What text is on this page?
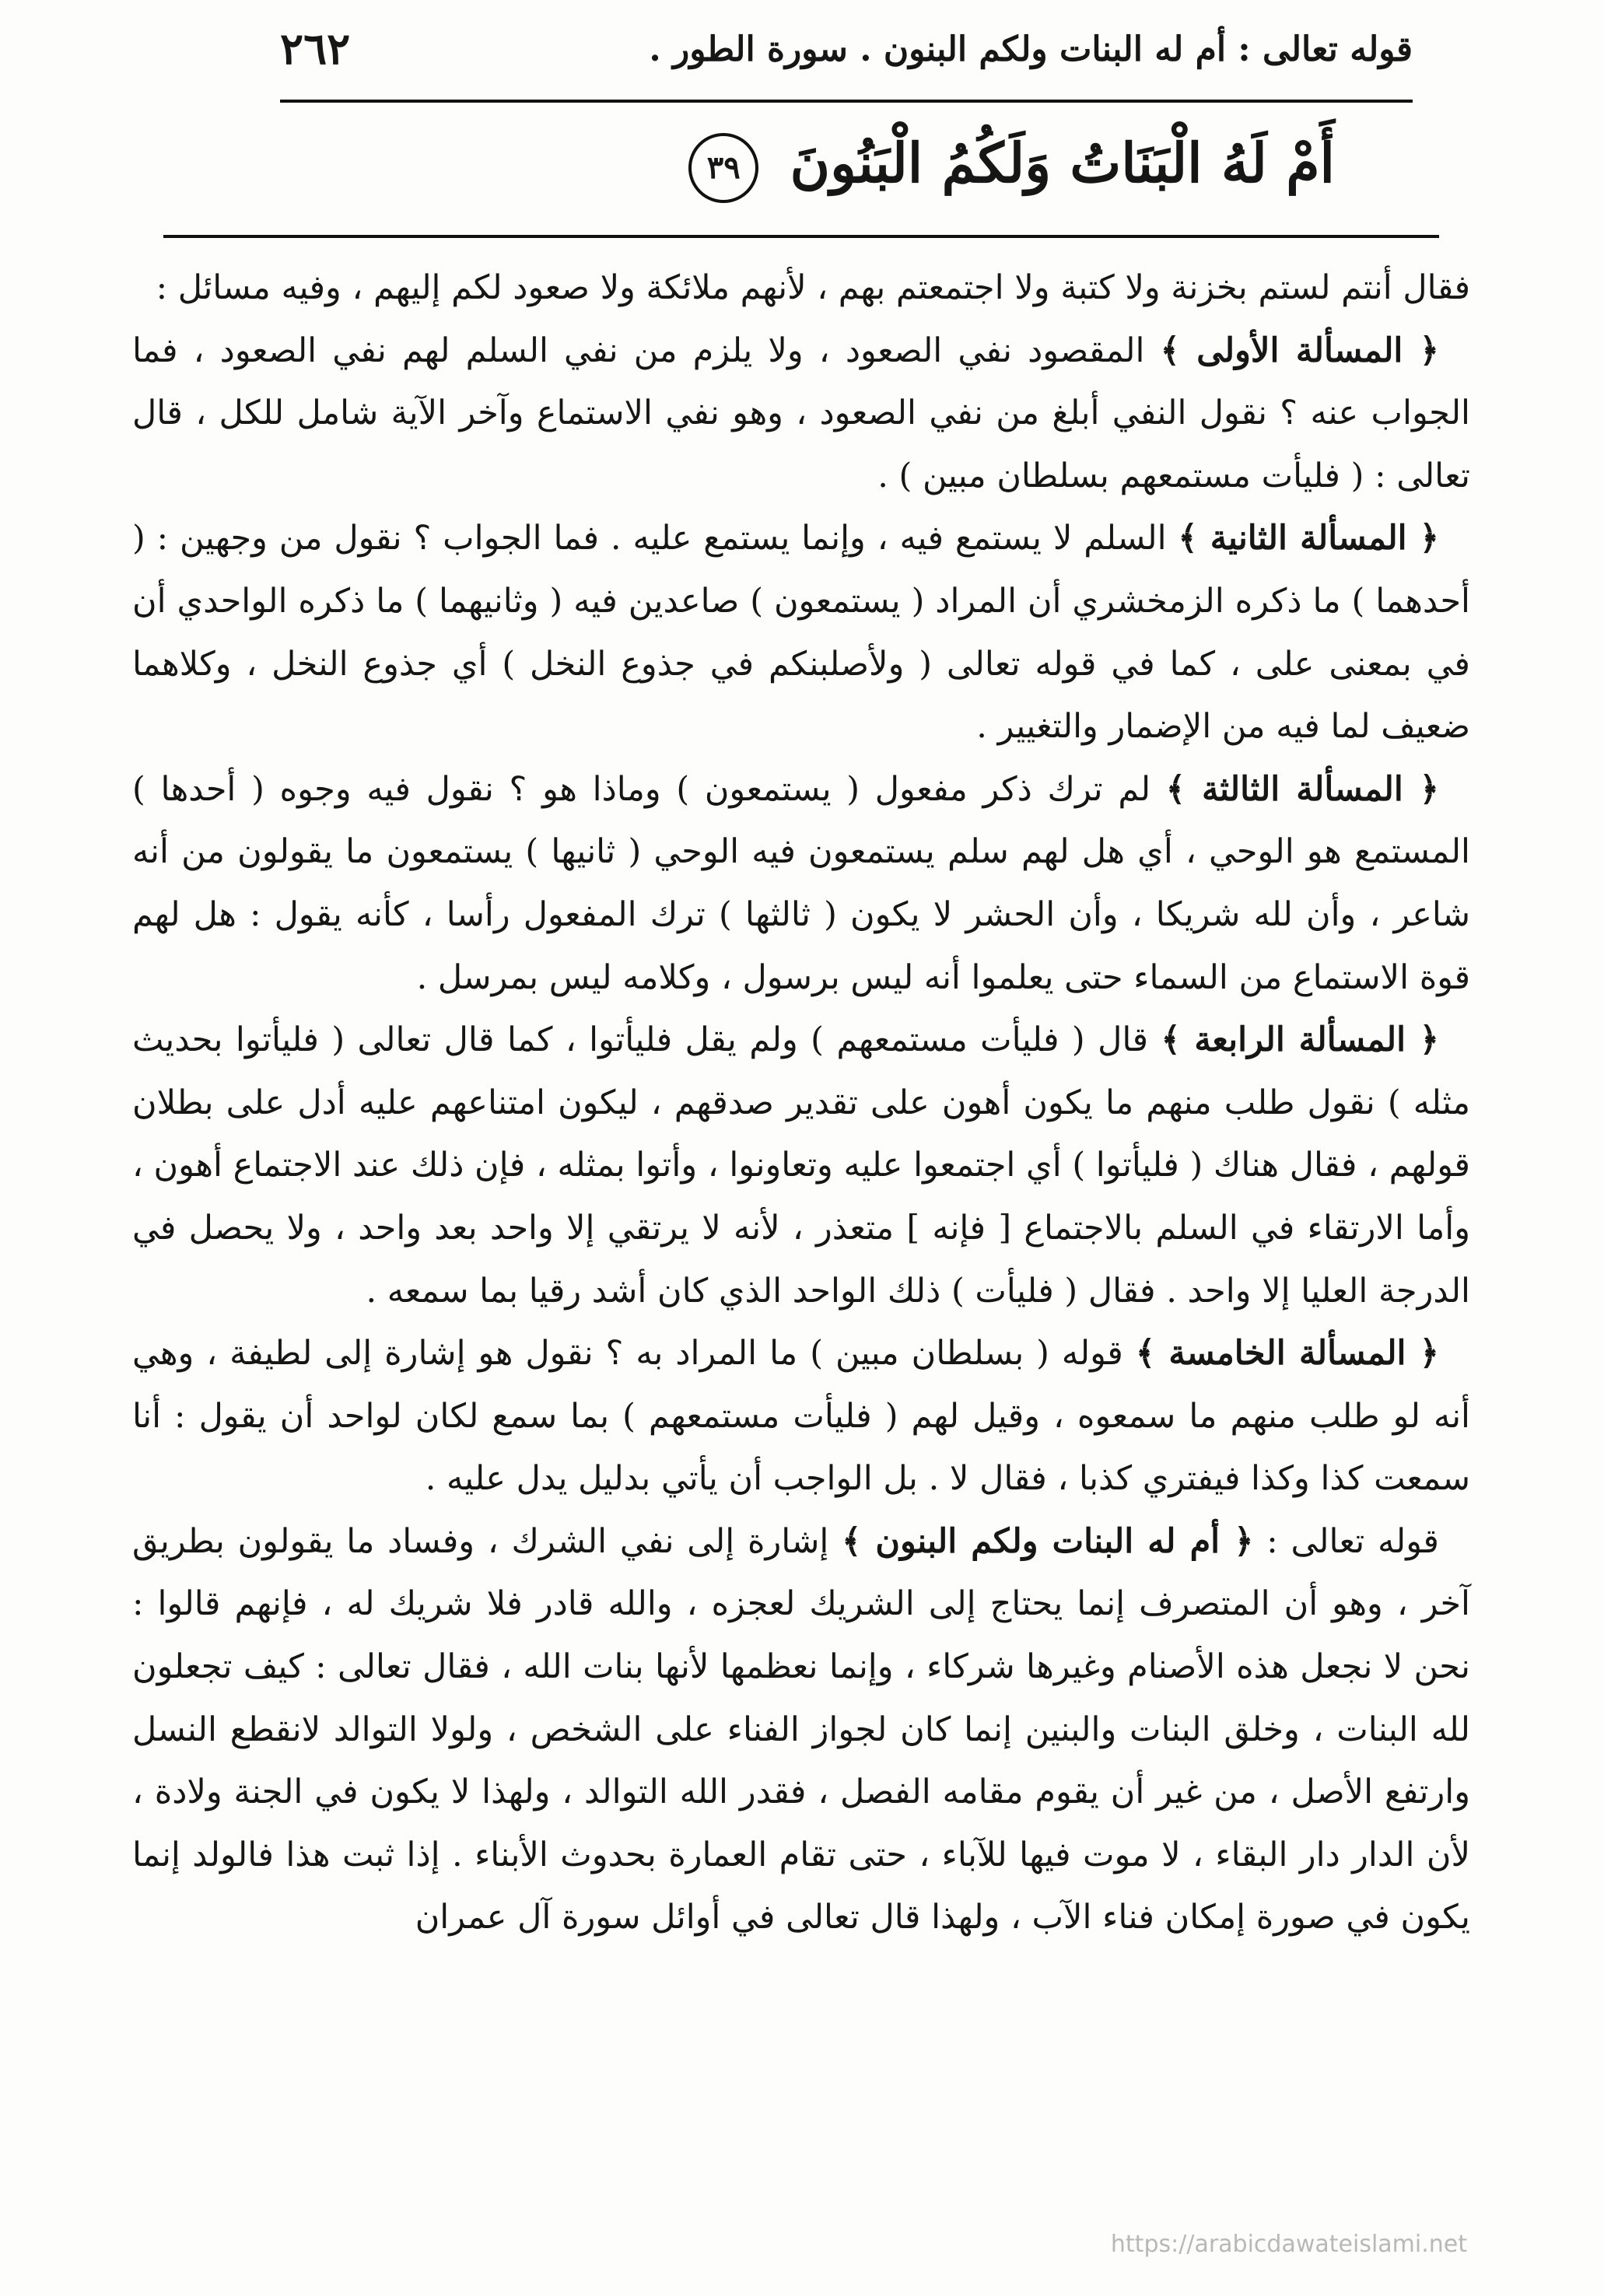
٢٦٢	قوله تعالى : أم له البنات ولكم البنون . سورة الطور .
أَمْ لَهُ الْبَنَاتُ وَلَكُمُ الْبَنُونَ ٣٩

فقال أنتم لستم بخزنة ولا كتبة ولا اجتمعتم بهم ، لأنهم ملائكة ولا صعود لكم إليهم ، وفيه مسائل :

﴿ المسألة الأولى ﴾ المقصود نفي الصعود ، ولا يلزم من نفي السلم لهم نفي الصعود ، فما الجواب عنه ؟ نقول النفي أبلغ من نفي الصعود ، وهو نفي الاستماع وآخر الآية شامل للكل ، قال تعالى : ( فليأت مستمعهم بسلطان مبين ) .

﴿ المسألة الثانية ﴾ السلم لا يستمع فيه ، وإنما يستمع عليه . فما الجواب ؟ نقول من وجهين : ( أحدهما ) ما ذكره الزمخشري أن المراد ( يستمعون ) صاعدين فيه ( وثانيهما ) ما ذكره الواحدي أن في بمعنى على ، كما في قوله تعالى ( ولأصلبنكم في جذوع النخل ) أي جذوع النخل ، وكلاهما ضعيف لما فيه من الإضمار والتغيير .

﴿ المسألة الثالثة ﴾ لم ترك ذكر مفعول ( يستمعون ) وماذا هو ؟ نقول فيه وجوه ( أحدها ) المستمع هو الوحي ، أي هل لهم سلم يستمعون فيه الوحي ( ثانيها ) يستمعون ما يقولون من أنه شاعر ، وأن لله شريكا ، وأن الحشر لا يكون ( ثالثها ) ترك المفعول رأسا ، كأنه يقول : هل لهم قوة الاستماع من السماء حتى يعلموا أنه ليس برسول ، وكلامه ليس بمرسل .

﴿ المسألة الرابعة ﴾ قال ( فليأت مستمعهم ) ولم يقل فليأتوا ، كما قال تعالى ( فليأتوا بحديث مثله ) نقول طلب منهم ما يكون أهون على تقدير صدقهم ، ليكون امتناعهم عليه أدل على بطلان قولهم ، فقال هناك ( فليأتوا ) أي اجتمعوا عليه وتعاونوا ، وأتوا بمثله ، فإن ذلك عند الاجتماع أهون ، وأما الارتقاء في السلم بالاجتماع [ فإنه ] متعذر ، لأنه لا يرتقي إلا واحد بعد واحد ، ولا يحصل في الدرجة العليا إلا واحد . فقال ( فليأت ) ذلك الواحد الذي كان أشد رقيا بما سمعه .

﴿ المسألة الخامسة ﴾ قوله ( بسلطان مبين ) ما المراد به ؟ نقول هو إشارة إلى لطيفة ، وهي أنه لو طلب منهم ما سمعوه ، وقيل لهم ( فليأت مستمعهم ) بما سمع لكان لواحد أن يقول : أنا سمعت كذا وكذا فيفتري كذبا ، فقال لا . بل الواجب أن يأتي بدليل يدل عليه .

قوله تعالى : ﴿ أم له البنات ولكم البنون ﴾ إشارة إلى نفي الشرك ، وفساد ما يقولون بطريق آخر ، وهو أن المتصرف إنما يحتاج إلى الشريك لعجزه ، والله قادر فلا شريك له ، فإنهم قالوا : نحن لا نجعل هذه الأصنام وغيرها شركاء ، وإنما نعظمها لأنها بنات الله ، فقال تعالى : كيف تجعلون لله البنات ، وخلق البنات والبنين إنما كان لجواز الفناء على الشخص ، ولولا التوالد لانقطع النسل وارتفع الأصل ، من غير أن يقوم مقامه الفصل ، فقدر الله التوالد ، ولهذا لا يكون في الجنة ولادة ، لأن الدار دار البقاء ، لا موت فيها للآباء ، حتى تقام العمارة بحدوث الأبناء . إذا ثبت هذا فالولد إنما يكون في صورة إمكان فناء الآب ، ولهذا قال تعالى في أوائل سورة آل عمران

https://arabicdawateislami.net
